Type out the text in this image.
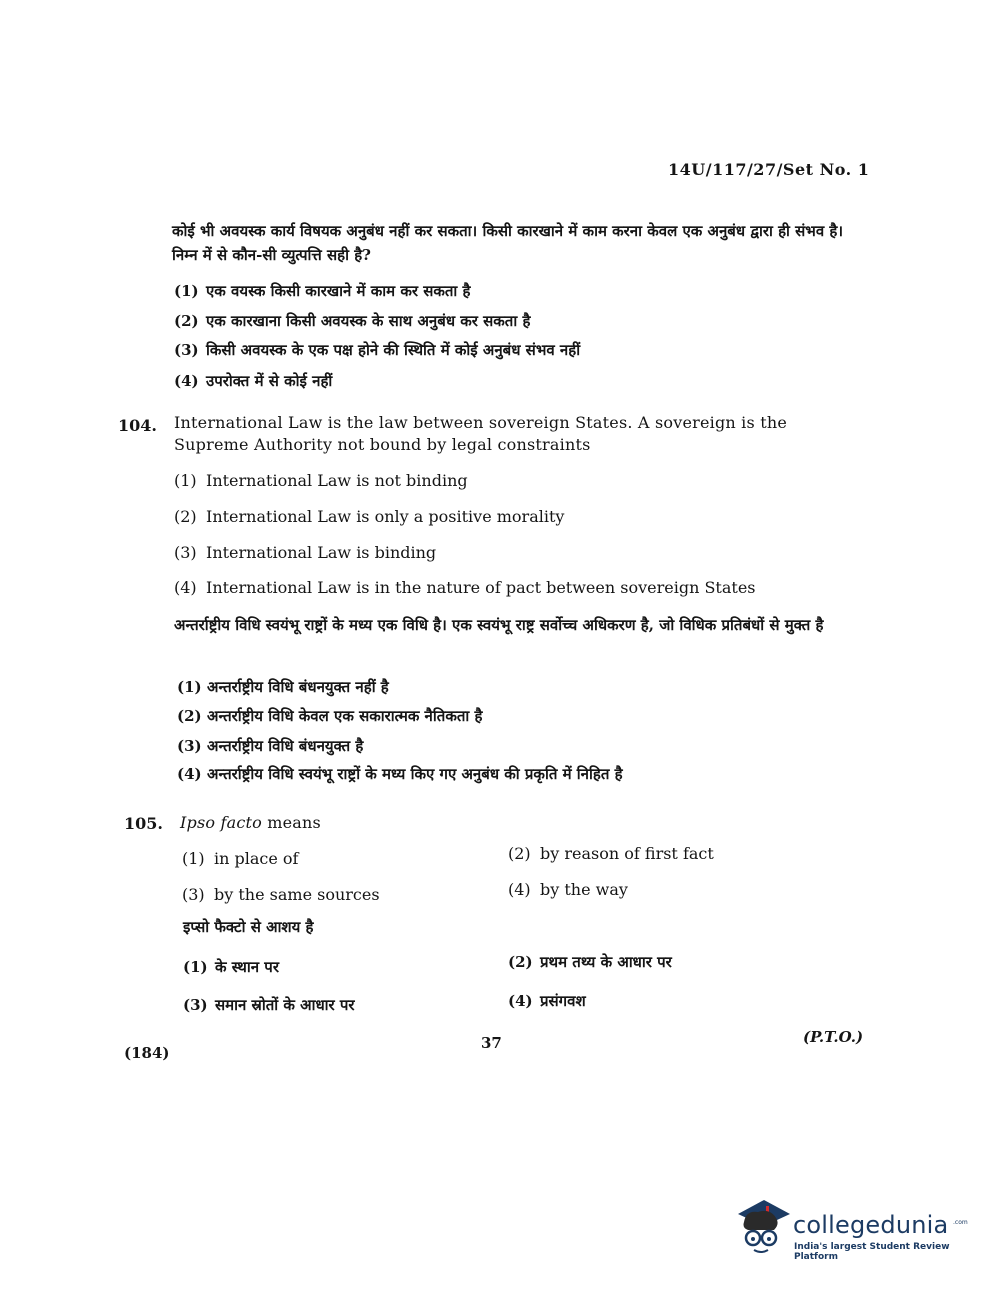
14U/117/27/Set No. 1
कोई भी अवयस्क कार्य विषयक अनुबंध नहीं कर सकता। किसी कारखाने में काम करना केवल एक अनुबंध द्वारा ही संभव है। निम्न में से कौन-सी व्युत्पत्ति सही है?
(1) एक वयस्क किसी कारखाने में काम कर सकता है
(2) एक कारखाना किसी अवयस्क के साथ अनुबंध कर सकता है
(3) किसी अवयस्क के एक पक्ष होने की स्थिति में कोई अनुबंध संभव नहीं
(4) उपरोक्त में से कोई नहीं
104. International Law is the law between sovereign States. A sovereign is the Supreme Authority not bound by legal constraints
(1) International Law is not binding
(2) International Law is only a positive morality
(3) International Law is binding
(4) International Law is in the nature of pact between sovereign States
अन्तर्राष्ट्रीय विधि स्वयंभू राष्ट्रों के मध्य एक विधि है। एक स्वयंभू राष्ट्र सर्वोच्च अधिकरण है, जो विधिक प्रतिबंधों से मुक्त है
(1) अन्तर्राष्ट्रीय विधि बंधनयुक्त नहीं है
(2) अन्तर्राष्ट्रीय विधि केवल एक सकारात्मक नैतिकता है
(3) अन्तर्राष्ट्रीय विधि बंधनयुक्त है
(4) अन्तर्राष्ट्रीय विधि स्वयंभू राष्ट्रों के मध्य किए गए अनुबंध की प्रकृति में निहित है
105. Ipso facto means
(1) in place of	(2) by reason of first fact
(3) by the same sources	(4) by the way
इप्सो फैक्टो से आशय है
(1) के स्थान पर	(2) प्रथम तथ्य के आधार पर
(3) समान स्रोतों के आधार पर	(4) प्रसंगवश
(184)
37	(P.T.O.)
collegedunia .com
India's largest Student Review Platform
